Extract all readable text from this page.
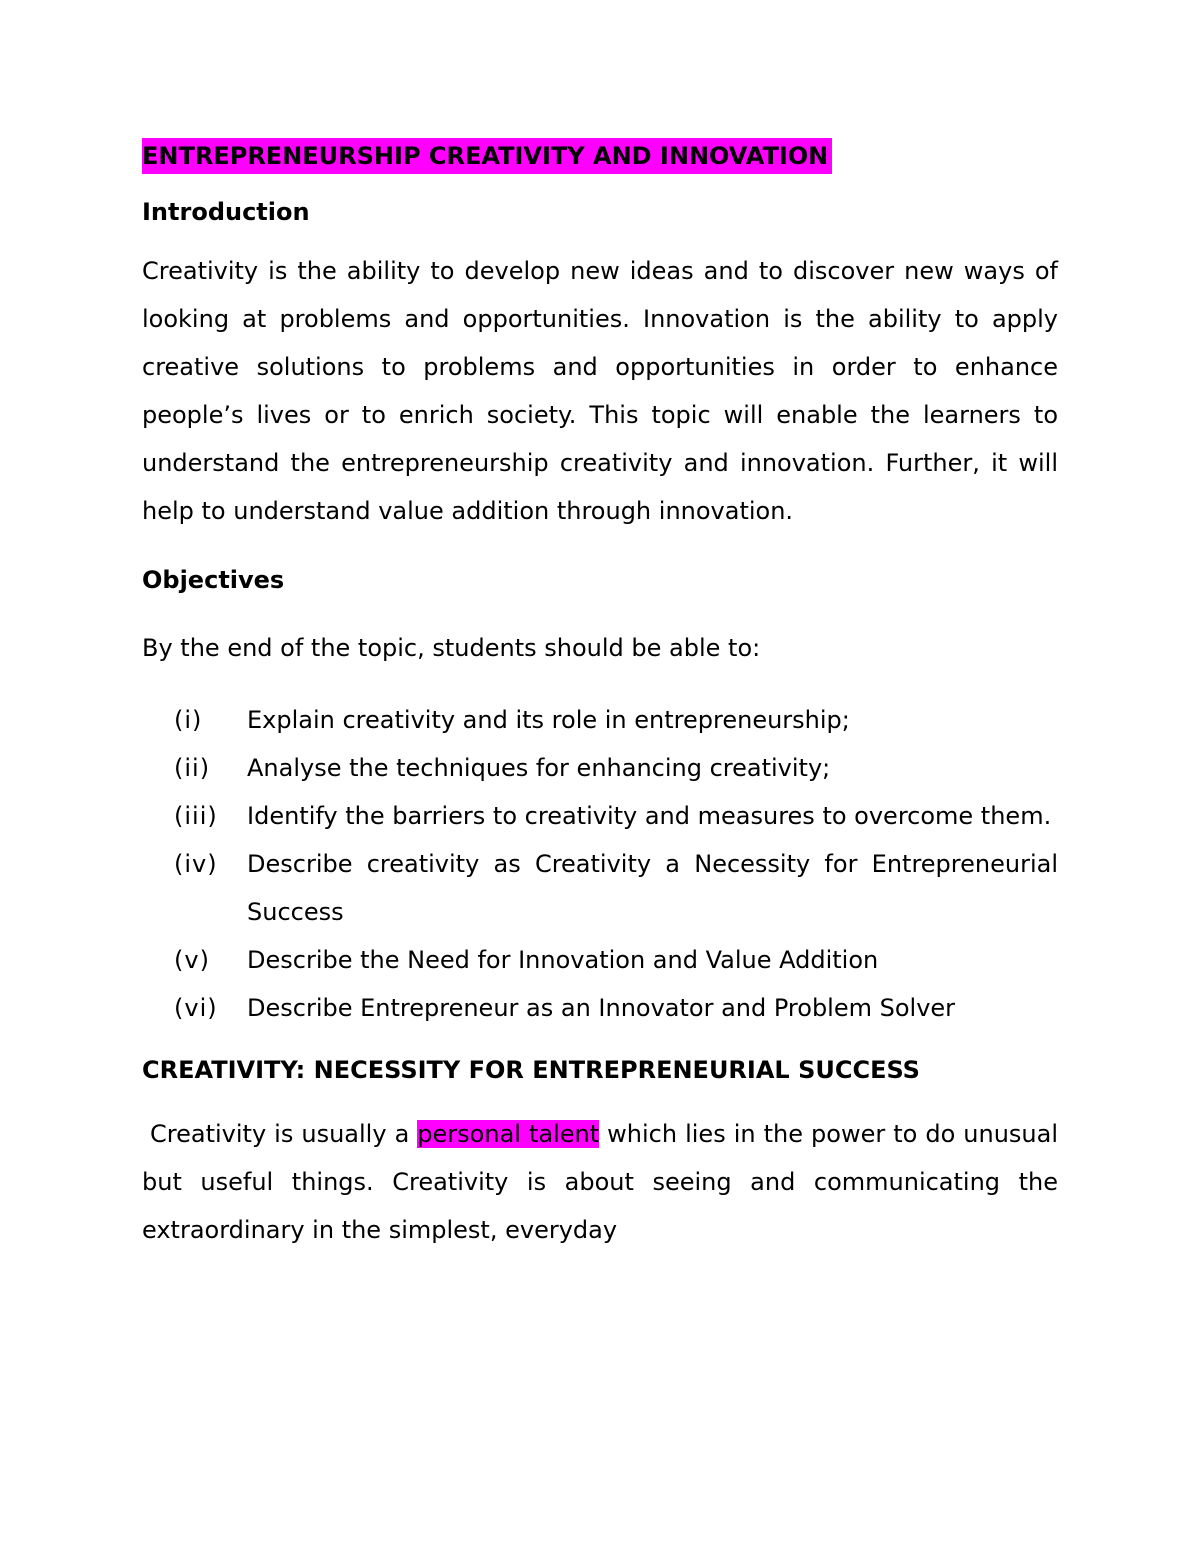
ENTREPRENEURSHIP CREATIVITY AND INNOVATION
Introduction

Creativity is the ability to develop new ideas and to discover new ways of looking at problems and opportunities. Innovation is the ability to apply creative solutions to problems and opportunities in order to enhance people’s lives or to enrich society. This topic will enable the learners to understand the entrepreneurship creativity and innovation. Further, it will help to understand value addition through innovation.

Objectives

By the end of the topic, students should be able to:

(i)	Explain creativity and its role in entrepreneurship;
(ii)	Analyse the techniques for enhancing creativity;
(iii)	Identify the barriers to creativity and measures to overcome them.
(iv)	Describe creativity as Creativity a Necessity for Entrepreneurial Success
(v)	Describe the Need for Innovation and Value Addition
(vi)	Describe Entrepreneur as an Innovator and Problem Solver
CREATIVITY: NECESSITY FOR ENTREPRENEURIAL SUCCESS

Creativity is usually a personal talent which lies in the power to do unusual but useful things. Creativity is about seeing and communicating the extraordinary in the simplest, everyday
